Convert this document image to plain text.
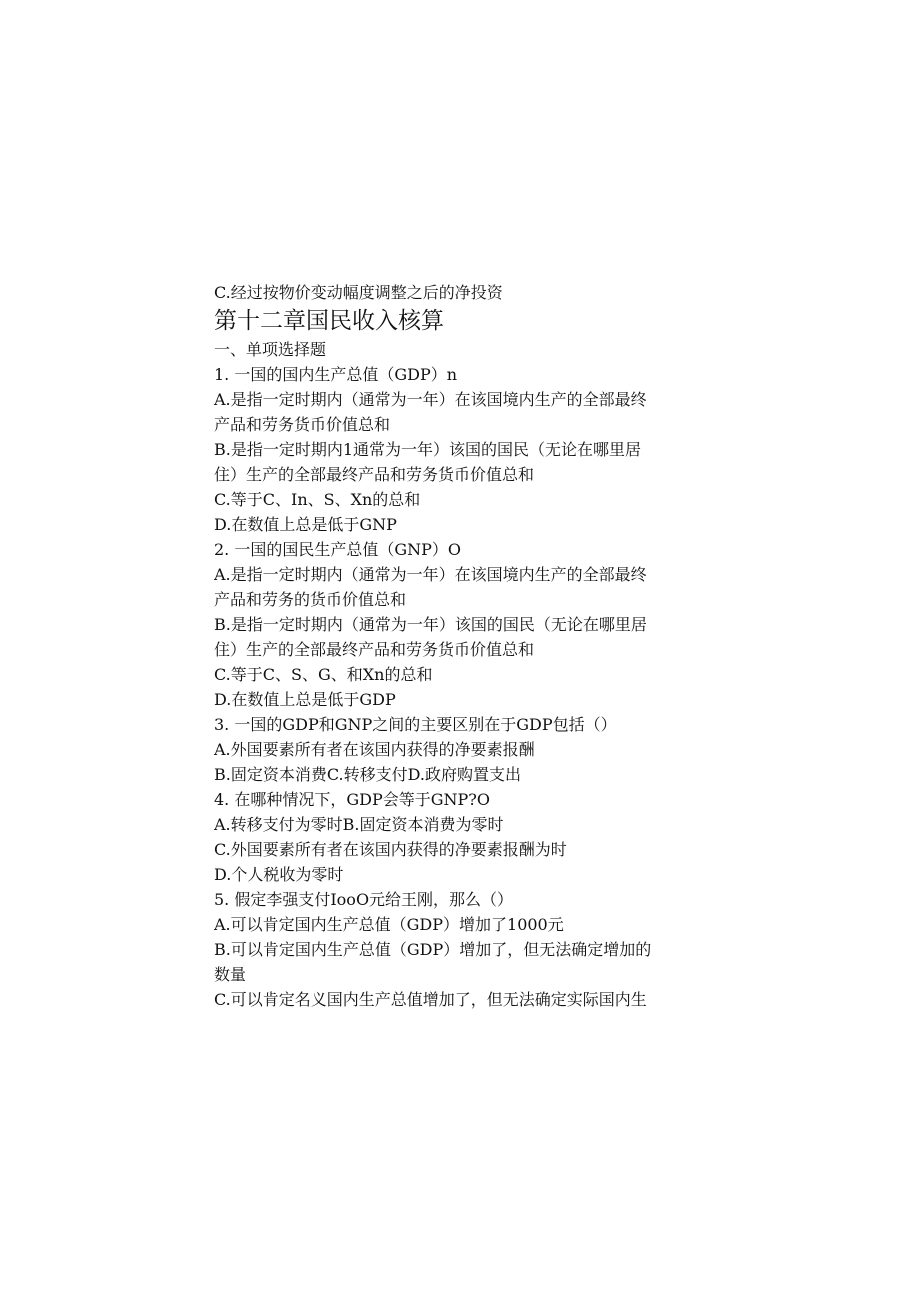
C.经过按物价变动幅度调整之后的净投资
第十二章国民收入核算
一、单项选择题
1. 一国的国内生产总值（GDP）n
A.是指一定时期内（通常为一年）在该国境内生产的全部最终
产品和劳务货币价值总和
B.是指一定时期内1通常为一年）该国的国民（无论在哪里居
住）生产的全部最终产品和劳务货币价值总和
C.等于C、In、S、Xn的总和
D.在数值上总是低于GNP
2. 一国的国民生产总值（GNP）O
A.是指一定时期内（通常为一年）在该国境内生产的全部最终
产品和劳务的货币价值总和
B.是指一定时期内（通常为一年）该国的国民（无论在哪里居
住）生产的全部最终产品和劳务货币价值总和
C.等于C、S、G、和Xn的总和
D.在数值上总是低于GDP
3. 一国的GDP和GNP之间的主要区别在于GDP包括（）
A.外国要素所有者在该国内获得的净要素报酬
B.固定资本消费C.转移支付D.政府购置支出
4. 在哪种情况下，GDP会等于GNP?O
A.转移支付为零时B.固定资本消费为零时
C.外国要素所有者在该国内获得的净要素报酬为时
D.个人税收为零时
5. 假定李强支付IooO元给王刚，那么（）
A.可以肯定国内生产总值（GDP）增加了1000元
B.可以肯定国内生产总值（GDP）增加了，但无法确定增加的
数量
C.可以肯定名义国内生产总值增加了，但无法确定实际国内生
